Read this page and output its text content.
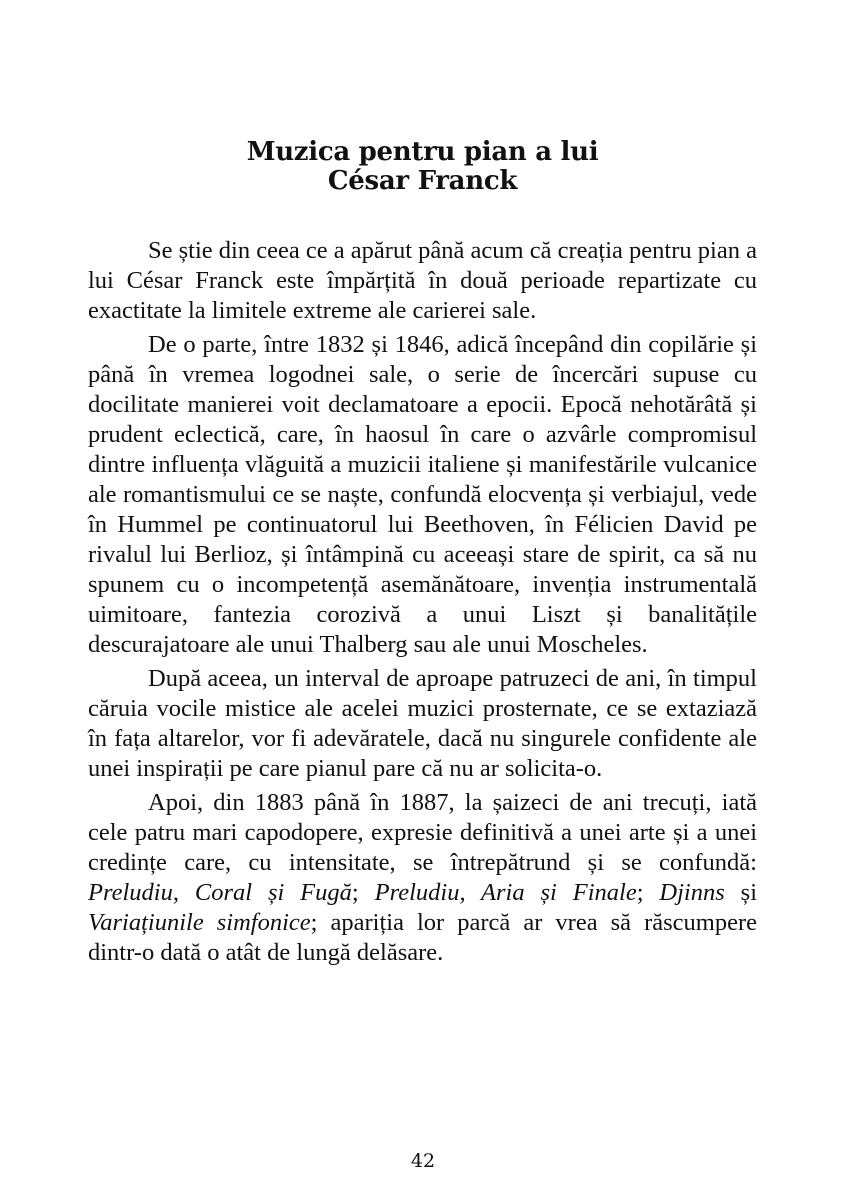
Muzica pentru pian a lui
César Franck

Se știe din ceea ce a apărut până acum că creația pentru pian a lui César Franck este împărțită în două perioade repartizate cu exactitate la limitele extreme ale carierei sale.

De o parte, între 1832 și 1846, adică începând din copilărie și până în vremea logodnei sale, o serie de încercări supuse cu docilitate manierei voit declamatoare a epocii. Epocă nehotărâtă și prudent eclectică, care, în haosul în care o azvârle compromisul dintre influența vlăguită a muzicii italiene și manifestările vulcanice ale romantismului ce se naște, confundă elocvența și verbiajul, vede în Hummel pe continuatorul lui Beethoven, în Félicien David pe rivalul lui Berlioz, și întâmpină cu aceeași stare de spirit, ca să nu spunem cu o incompetență asemănătoare, invenția instrumentală uimitoare, fantezia corozivă a unui Liszt și banalitățile descurajatoare ale unui Thalberg sau ale unui Moscheles.

După aceea, un interval de aproape patruzeci de ani, în timpul căruia vocile mistice ale acelei muzici prosternate, ce se extaziază în fața altarelor, vor fi adevăratele, dacă nu singurele confidente ale unei inspirații pe care pianul pare că nu ar solicita-o.

Apoi, din 1883 până în 1887, la șaizeci de ani trecuți, iată cele patru mari capodopere, expresie definitivă a unei arte și a unei credințe care, cu intensitate, se întrepătrund și se confundă: Preludiu, Coral și Fugă; Preludiu, Aria și Finale; Djinns și Variațiunile simfonice; apariția lor parcă ar vrea să răscumpere dintr-o dată o atât de lungă delăsare.

42
